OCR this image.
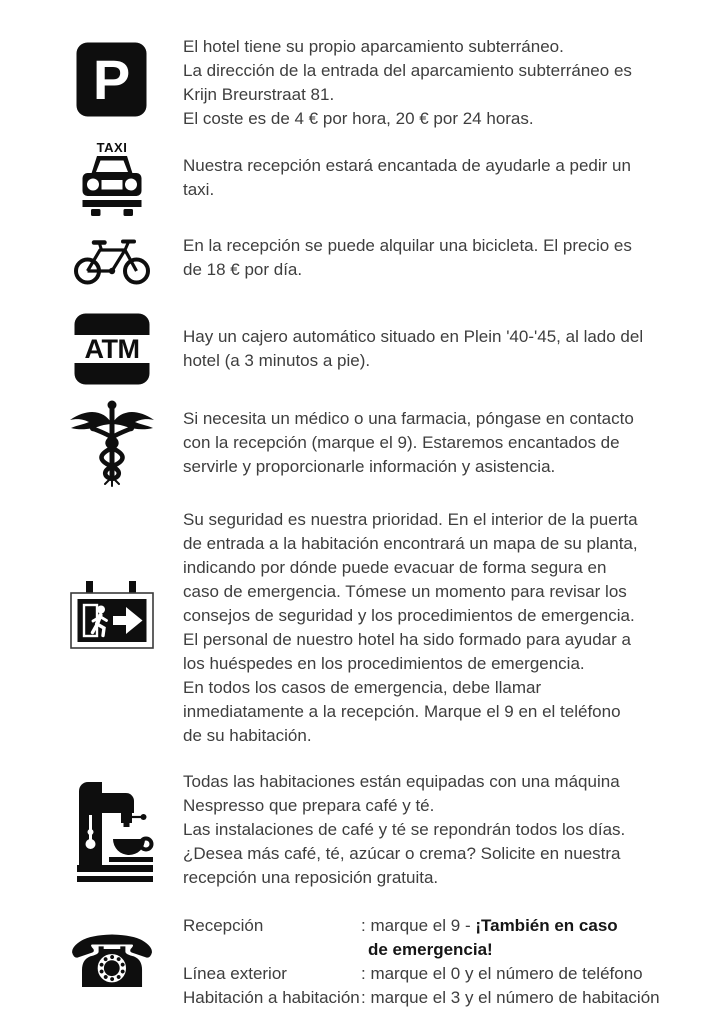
P
El hotel tiene su propio aparcamiento subterráneo.
La dirección de la entrada del aparcamiento subterráneo es
Krijn Breurstraat 81.
El coste es de 4 € por hora, 20 € por 24 horas.
TAXI
Nuestra recepción estará encantada de ayudarle a pedir un
taxi.
En la recepción se puede alquilar una bicicleta. El precio es
de 18 € por día.
ATM	Hay un cajero automático situado en Plein '40-'45, al lado del
hotel (a 3 minutos a pie).
Si necesita un médico o una farmacia, póngase en contacto
con la recepción (marque el 9). Estaremos encantados de
servirle y proporcionarle información y asistencia.
Su seguridad es nuestra prioridad. En el interior de la puerta
de entrada a la habitación encontrará un mapa de su planta,
indicando por dónde puede evacuar de forma segura en
caso de emergencia. Tómese un momento para revisar los
consejos de seguridad y los procedimientos de emergencia.
El personal de nuestro hotel ha sido formado para ayudar a
los huéspedes en los procedimientos de emergencia.
En todos los casos de emergencia, debe llamar
inmediatamente a la recepción. Marque el 9 en el teléfono
de su habitación.
Todas las habitaciones están equipadas con una máquina
Nespresso que prepara café y té.
Las instalaciones de café y té se repondrán todos los días.
¿Desea más café, té, azúcar o crema? Solicite en nuestra
recepción una reposición gratuita.
☎ Recepción	: marque el 9 - ¡También en caso
de emergencia!
Línea exterior	: marque el 0 y el número de teléfono
Habitación a habitación : marque el 3 y el número de habitación
